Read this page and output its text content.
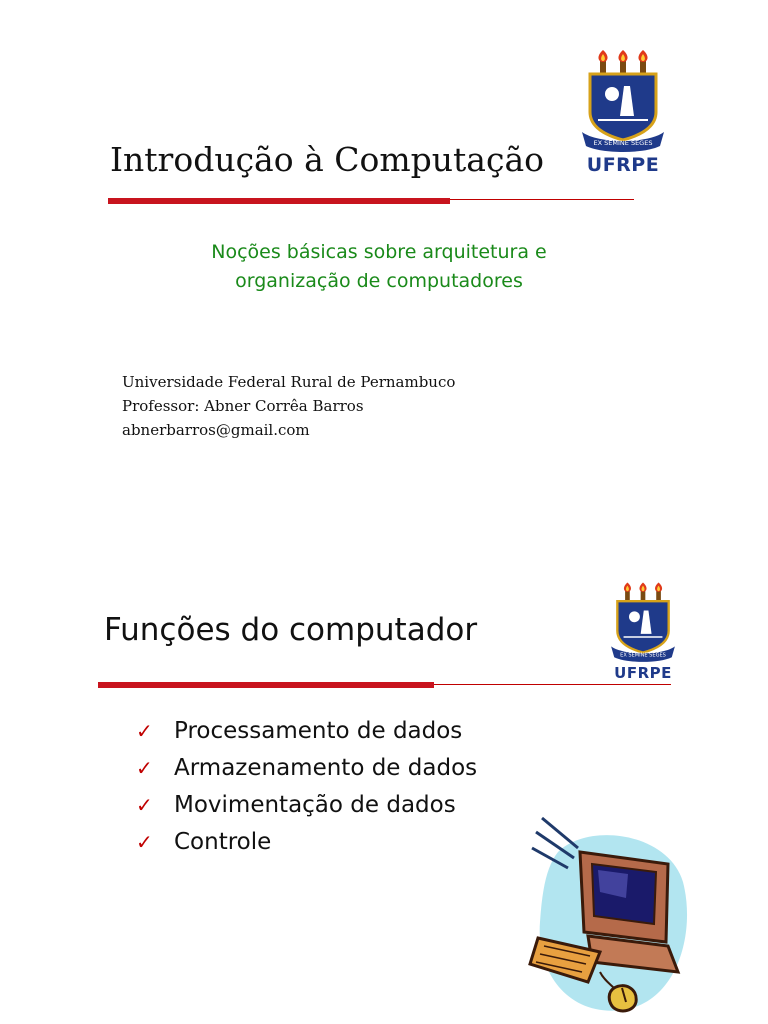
EX SEMINE SEGES
UFRPE
Introdução à Computação
Noções básicas sobre arquitetura e
organização de computadores
Universidade Federal Rural de Pernambuco
Professor: Abner Corrêa Barros
abnerbarros@gmail.com
EX SEMINE SEGES
UFRPE
Funções do computador
✓ Processamento de dados
✓ Armazenamento de dados
✓ Movimentação de dados
✓ Controle
